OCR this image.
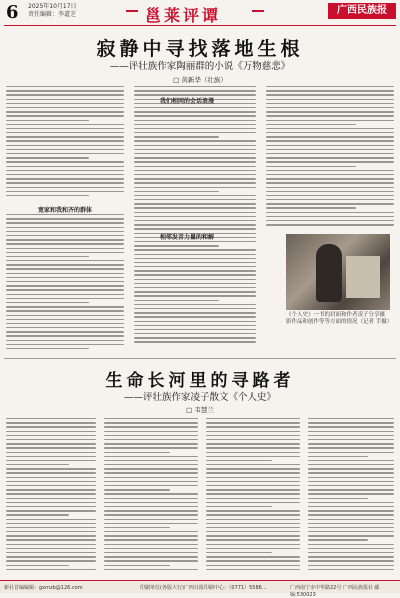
6 2025年10月17日
责任编辑：李道芝	邕莱评谭	广西民族报
寂静中寻找落地生根
——评壮族作家陶丽群的小说《万物慈悲》
□ 黄新华（壮族）
宽家和我和齐的群体
我们相同的会话浪漫
相邻发音力量的和解
《个人史》一书的封面和作者凌子分享摄影作品和创作等等方面的情况（记者 手摄）
生命长河里的寻路者
——评壮族作家凌子散文《个人史》
□ 韦慧兰
新社首编编辑：gxmzb@126.com	印刷单位(各版大行)广西日报印刷中心：（0771）5586...	广西南宁市中华路22号 广西民族报社 邮编:530023
